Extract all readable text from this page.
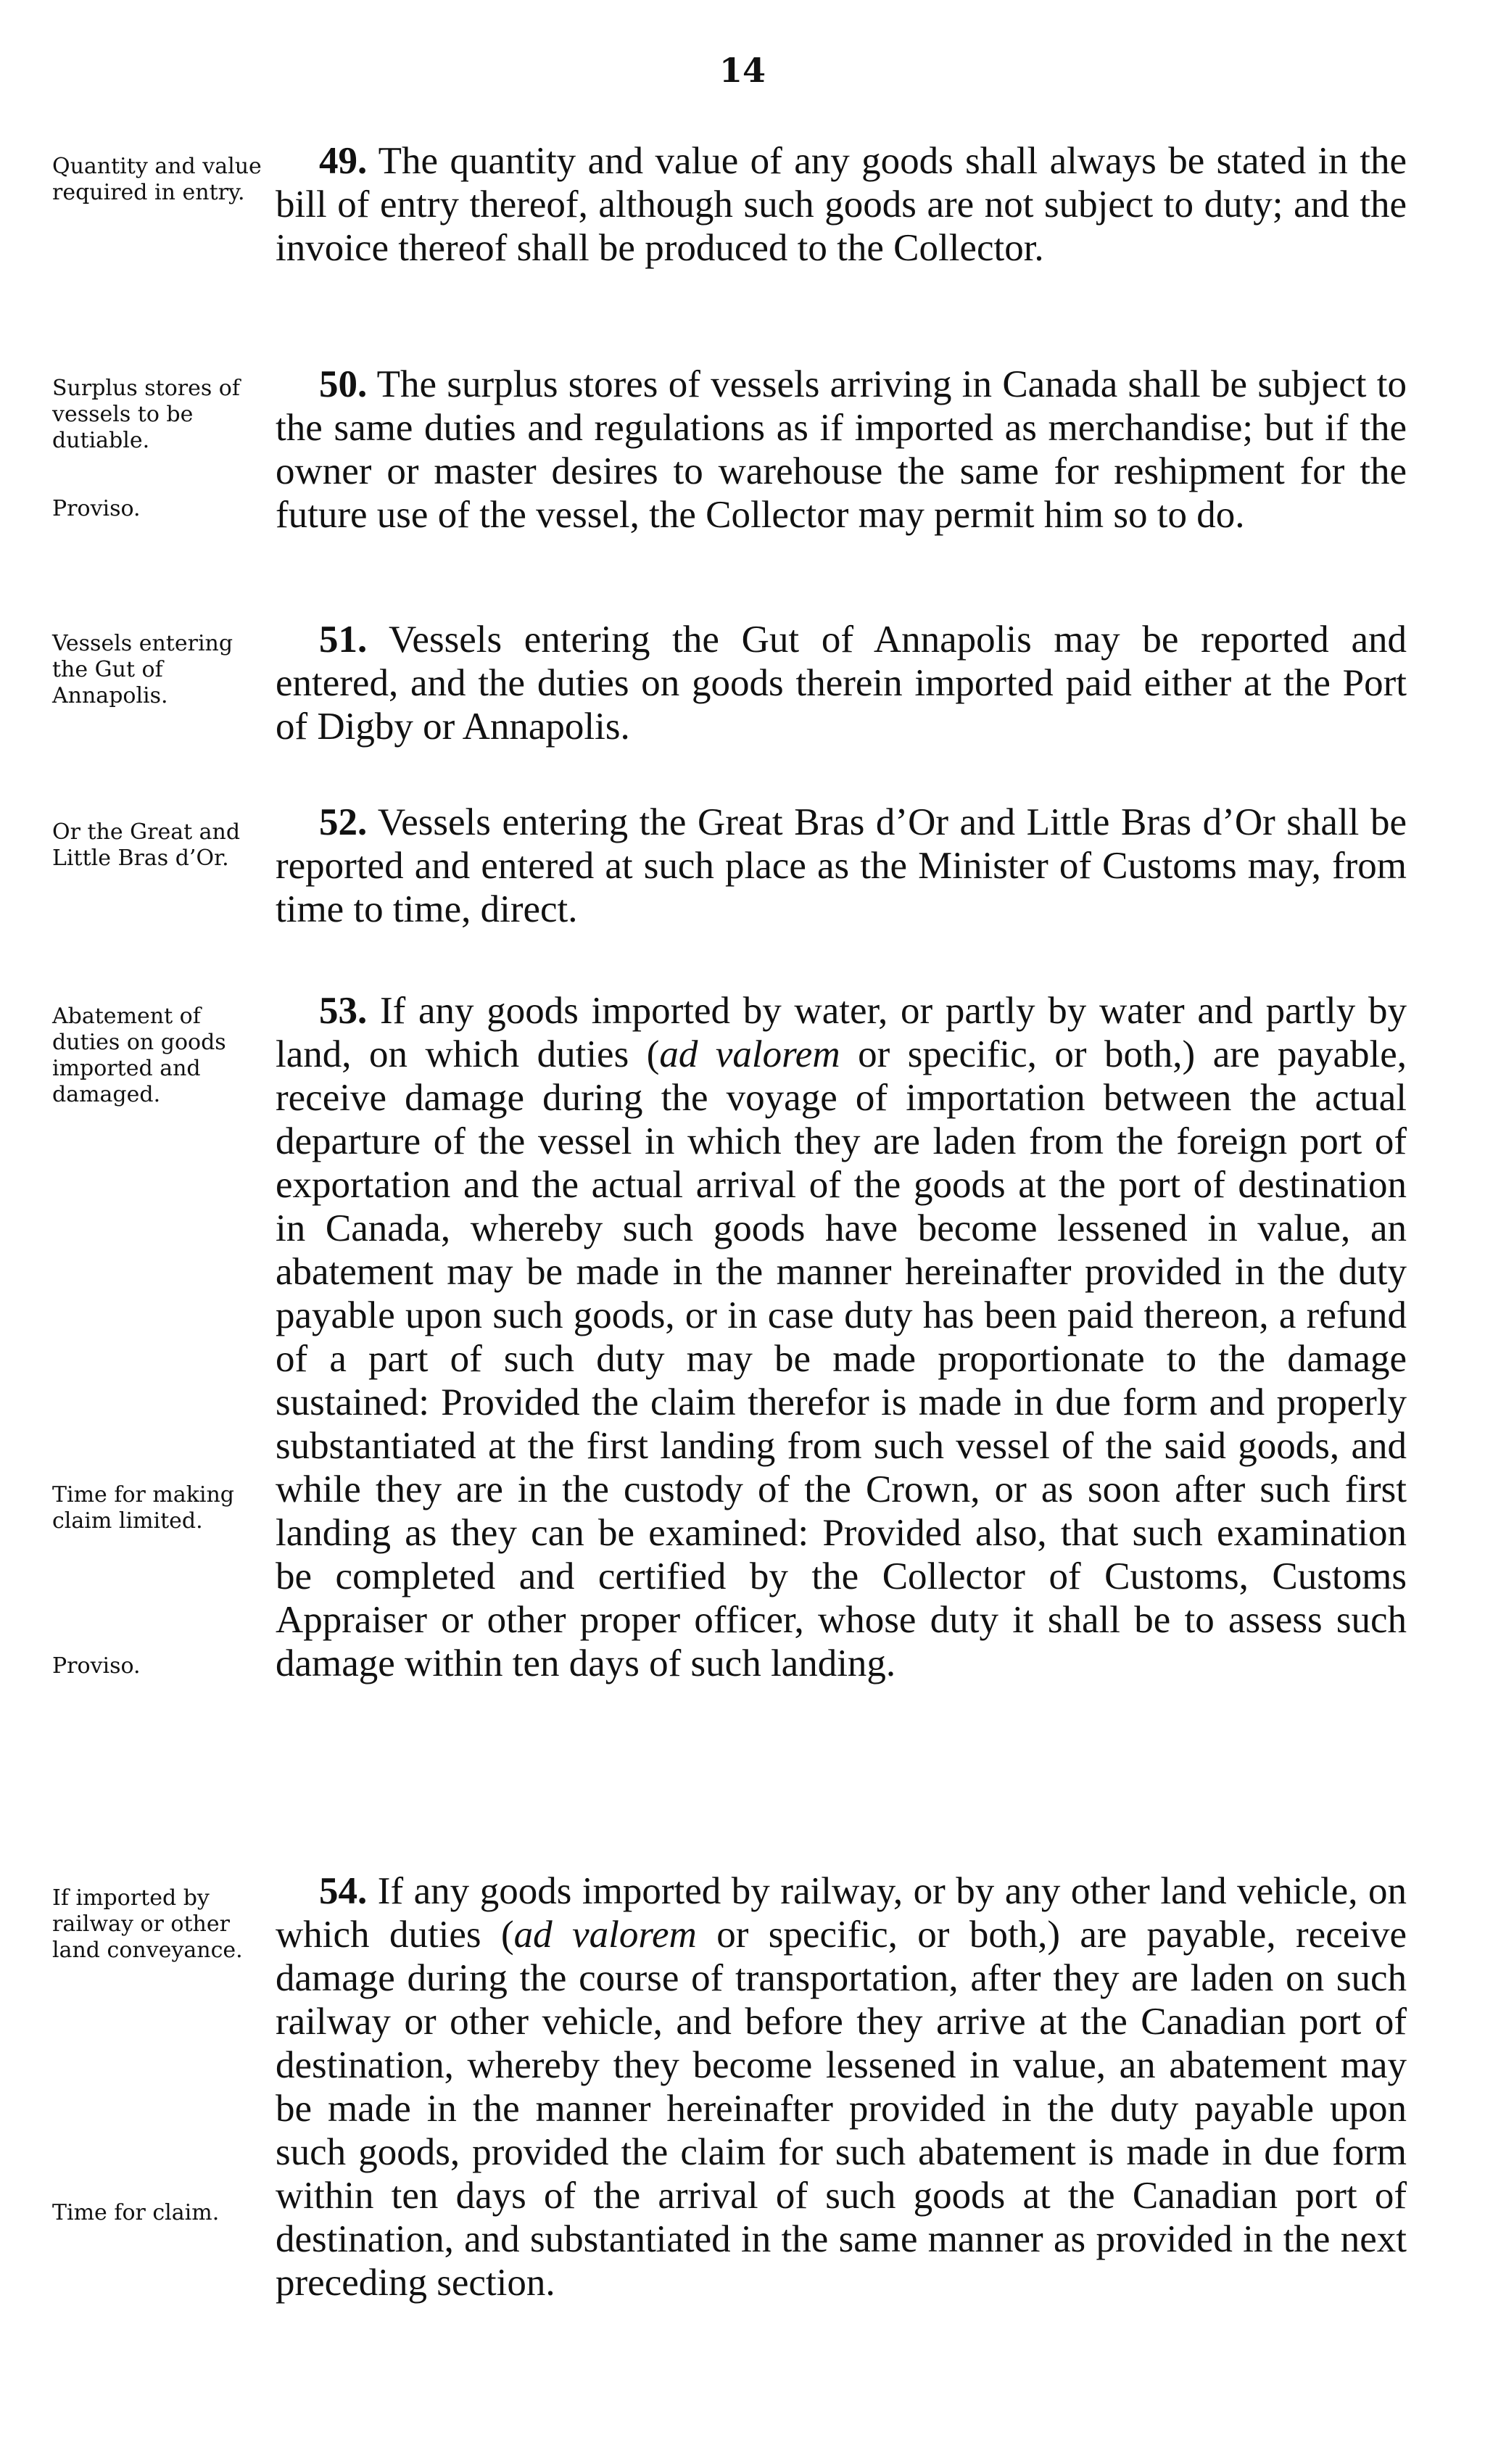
14
Quantity and value required in entry.

49. The quantity and value of any goods shall always be stated in the bill of entry thereof, although such goods are not subject to duty; and the invoice thereof shall be produced to the Collector.

Surplus stores of vessels to be dutiable.
Proviso.

50. The surplus stores of vessels arriving in Canada shall be subject to the same duties and regulations as if imported as merchandise; but if the owner or master desires to warehouse the same for reshipment for the future use of the vessel, the Collector may permit him so to do.

Vessels entering the Gut of Annapolis.

51. Vessels entering the Gut of Annapolis may be reported and entered, and the duties on goods therein imported paid either at the Port of Digby or Annapolis.

Or the Great and Little Bras d’Or.

52. Vessels entering the Great Bras d’Or and Little Bras d’Or shall be reported and entered at such place as the Minister of Customs may, from time to time, direct.

Abatement of duties on goods imported and damaged.
Time for making claim limited.
Proviso.

53. If any goods imported by water, or partly by water and partly by land, on which duties (ad valorem or specific, or both,) are payable, receive damage during the voyage of importation between the actual departure of the vessel in which they are laden from the foreign port of exportation and the actual arrival of the goods at the port of destination in Canada, whereby such goods have become lessened in value, an abatement may be made in the manner hereinafter provided in the duty payable upon such goods, or in case duty has been paid thereon, a refund of a part of such duty may be made proportionate to the damage sustained: Provided the claim therefor is made in due form and properly substantiated at the first landing from such vessel of the said goods, and while they are in the custody of the Crown, or as soon after such first landing as they can be examined: Provided also, that such examination be completed and certified by the Collector of Customs, Customs Appraiser or other proper officer, whose duty it shall be to assess such damage within ten days of such landing.

If imported by railway or other land conveyance.
Time for claim.

54. If any goods imported by railway, or by any other land vehicle, on which duties (ad valorem or specific, or both,) are payable, receive damage during the course of transportation, after they are laden on such railway or other vehicle, and before they arrive at the Canadian port of destination, whereby they become lessened in value, an abatement may be made in the manner hereinafter provided in the duty payable upon such goods, provided the claim for such abatement is made in due form within ten days of the arrival of such goods at the Canadian port of destination, and substantiated in the same manner as provided in the next preceding section.
